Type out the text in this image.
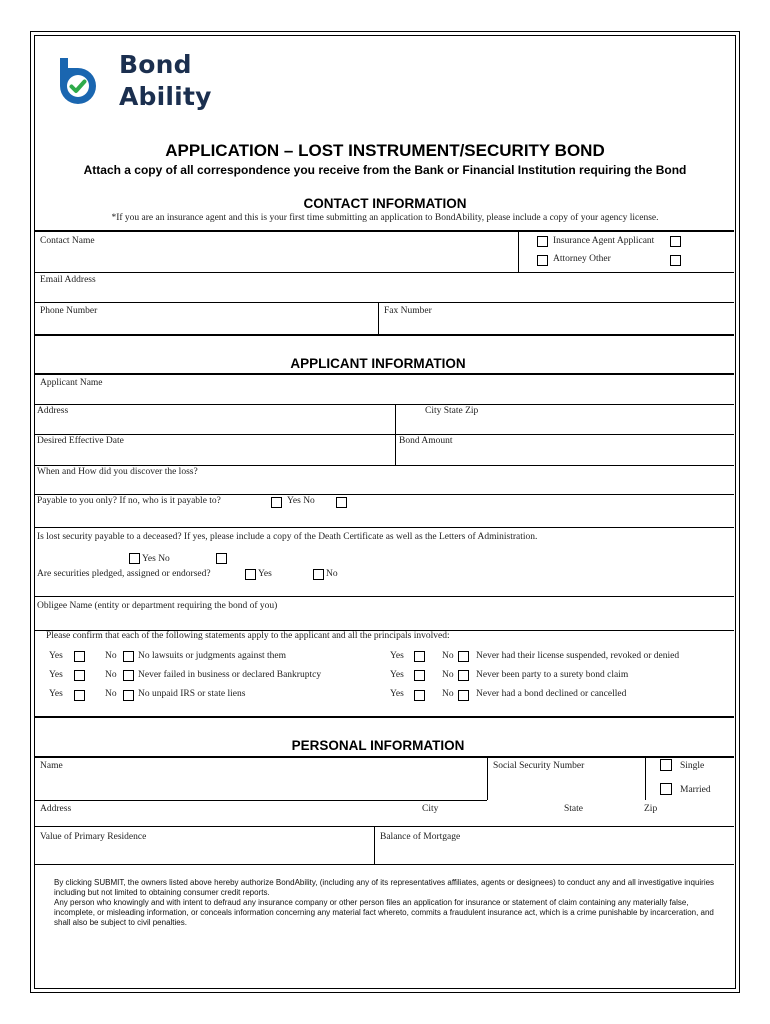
Bond
Ability
APPLICATION – LOST INSTRUMENT/SECURITY BOND
Attach a copy of all correspondence you receive from the Bank or Financial Institution requiring the Bond
CONTACT INFORMATION
*If you are an insurance agent and this is your first time submitting an application to BondAbility, please include a copy of your agency license.
Contact Name	Insurance Agent Applicant
Attorney Other
Email Address
Phone Number	Fax Number
APPLICANT INFORMATION
Applicant Name
Address	City State Zip
Desired Effective Date	Bond Amount
When and How did you discover the loss?
Payable to you only? If no, who is it payable to?	Yes No
Is lost security payable to a deceased? If yes, please include a copy of the Death Certificate as well as the Letters of Administration.
Yes No
Are securities pledged, assigned or endorsed?	Yes	No
Obligee Name (entity or department requiring the bond of you)
Please confirm that each of the following statements apply to the applicant and all the principals involved:
Yes	No No lawsuits or judgments against them	Yes	No Never had their license suspended, revoked or denied
Yes	No Never failed in business or declared Bankruptcy	Yes	No Never been party to a surety bond claim
Yes	No No unpaid IRS or state liens	Yes	No Never had a bond declined or cancelled
PERSONAL INFORMATION
Name	Social Security Number	Single
Married
Address	City	State	Zip
Value of Primary Residence	Balance of Mortgage
By clicking SUBMIT, the owners listed above hereby authorize BondAbility, (including any of its representatives affiliates, agents or designees) to conduct any and all investigative inquiries including but not limited to obtaining consumer credit reports.
Any person who knowingly and with intent to defraud any insurance company or other person files an application for insurance or statement of claim containing any materially false, incomplete, or misleading information, or conceals information concerning any material fact whereto, commits a fraudulent insurance act, which is a crime punishable by incarceration, and shall also be subject to civil penalties.
